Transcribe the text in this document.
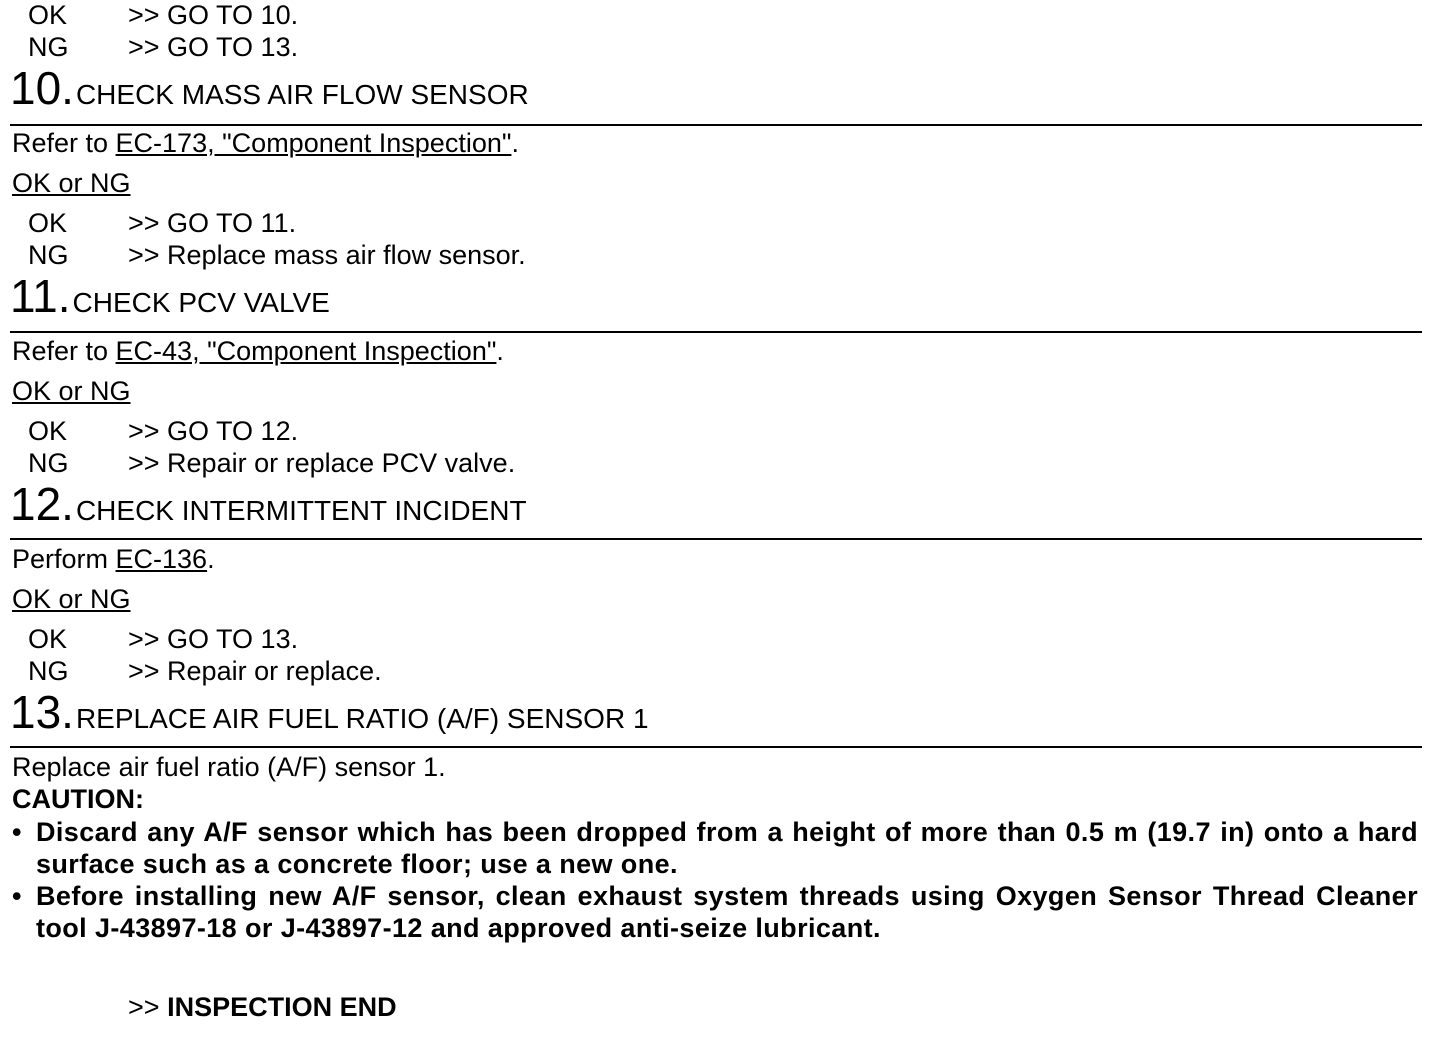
OK >> GO TO 10.
NG >> GO TO 13.
10.CHECK MASS AIR FLOW SENSOR
Refer to EC-173, "Component Inspection".
OK or NG
OK >> GO TO 11.
NG >> Replace mass air flow sensor.
11.CHECK PCV VALVE
Refer to EC-43, "Component Inspection".
OK or NG
OK >> GO TO 12.
NG >> Repair or replace PCV valve.
12.CHECK INTERMITTENT INCIDENT
Perform EC-136.
OK or NG
OK >> GO TO 13.
NG >> Repair or replace.
13.REPLACE AIR FUEL RATIO (A/F) SENSOR 1
Replace air fuel ratio (A/F) sensor 1.
CAUTION:
• Discard any A/F sensor which has been dropped from a height of more than 0.5 m (19.7 in) onto a hard surface such as a concrete floor; use a new one.
• Before installing new A/F sensor, clean exhaust system threads using Oxygen Sensor Thread Cleaner tool J-43897-18 or J-43897-12 and approved anti-seize lubricant.
>> INSPECTION END
